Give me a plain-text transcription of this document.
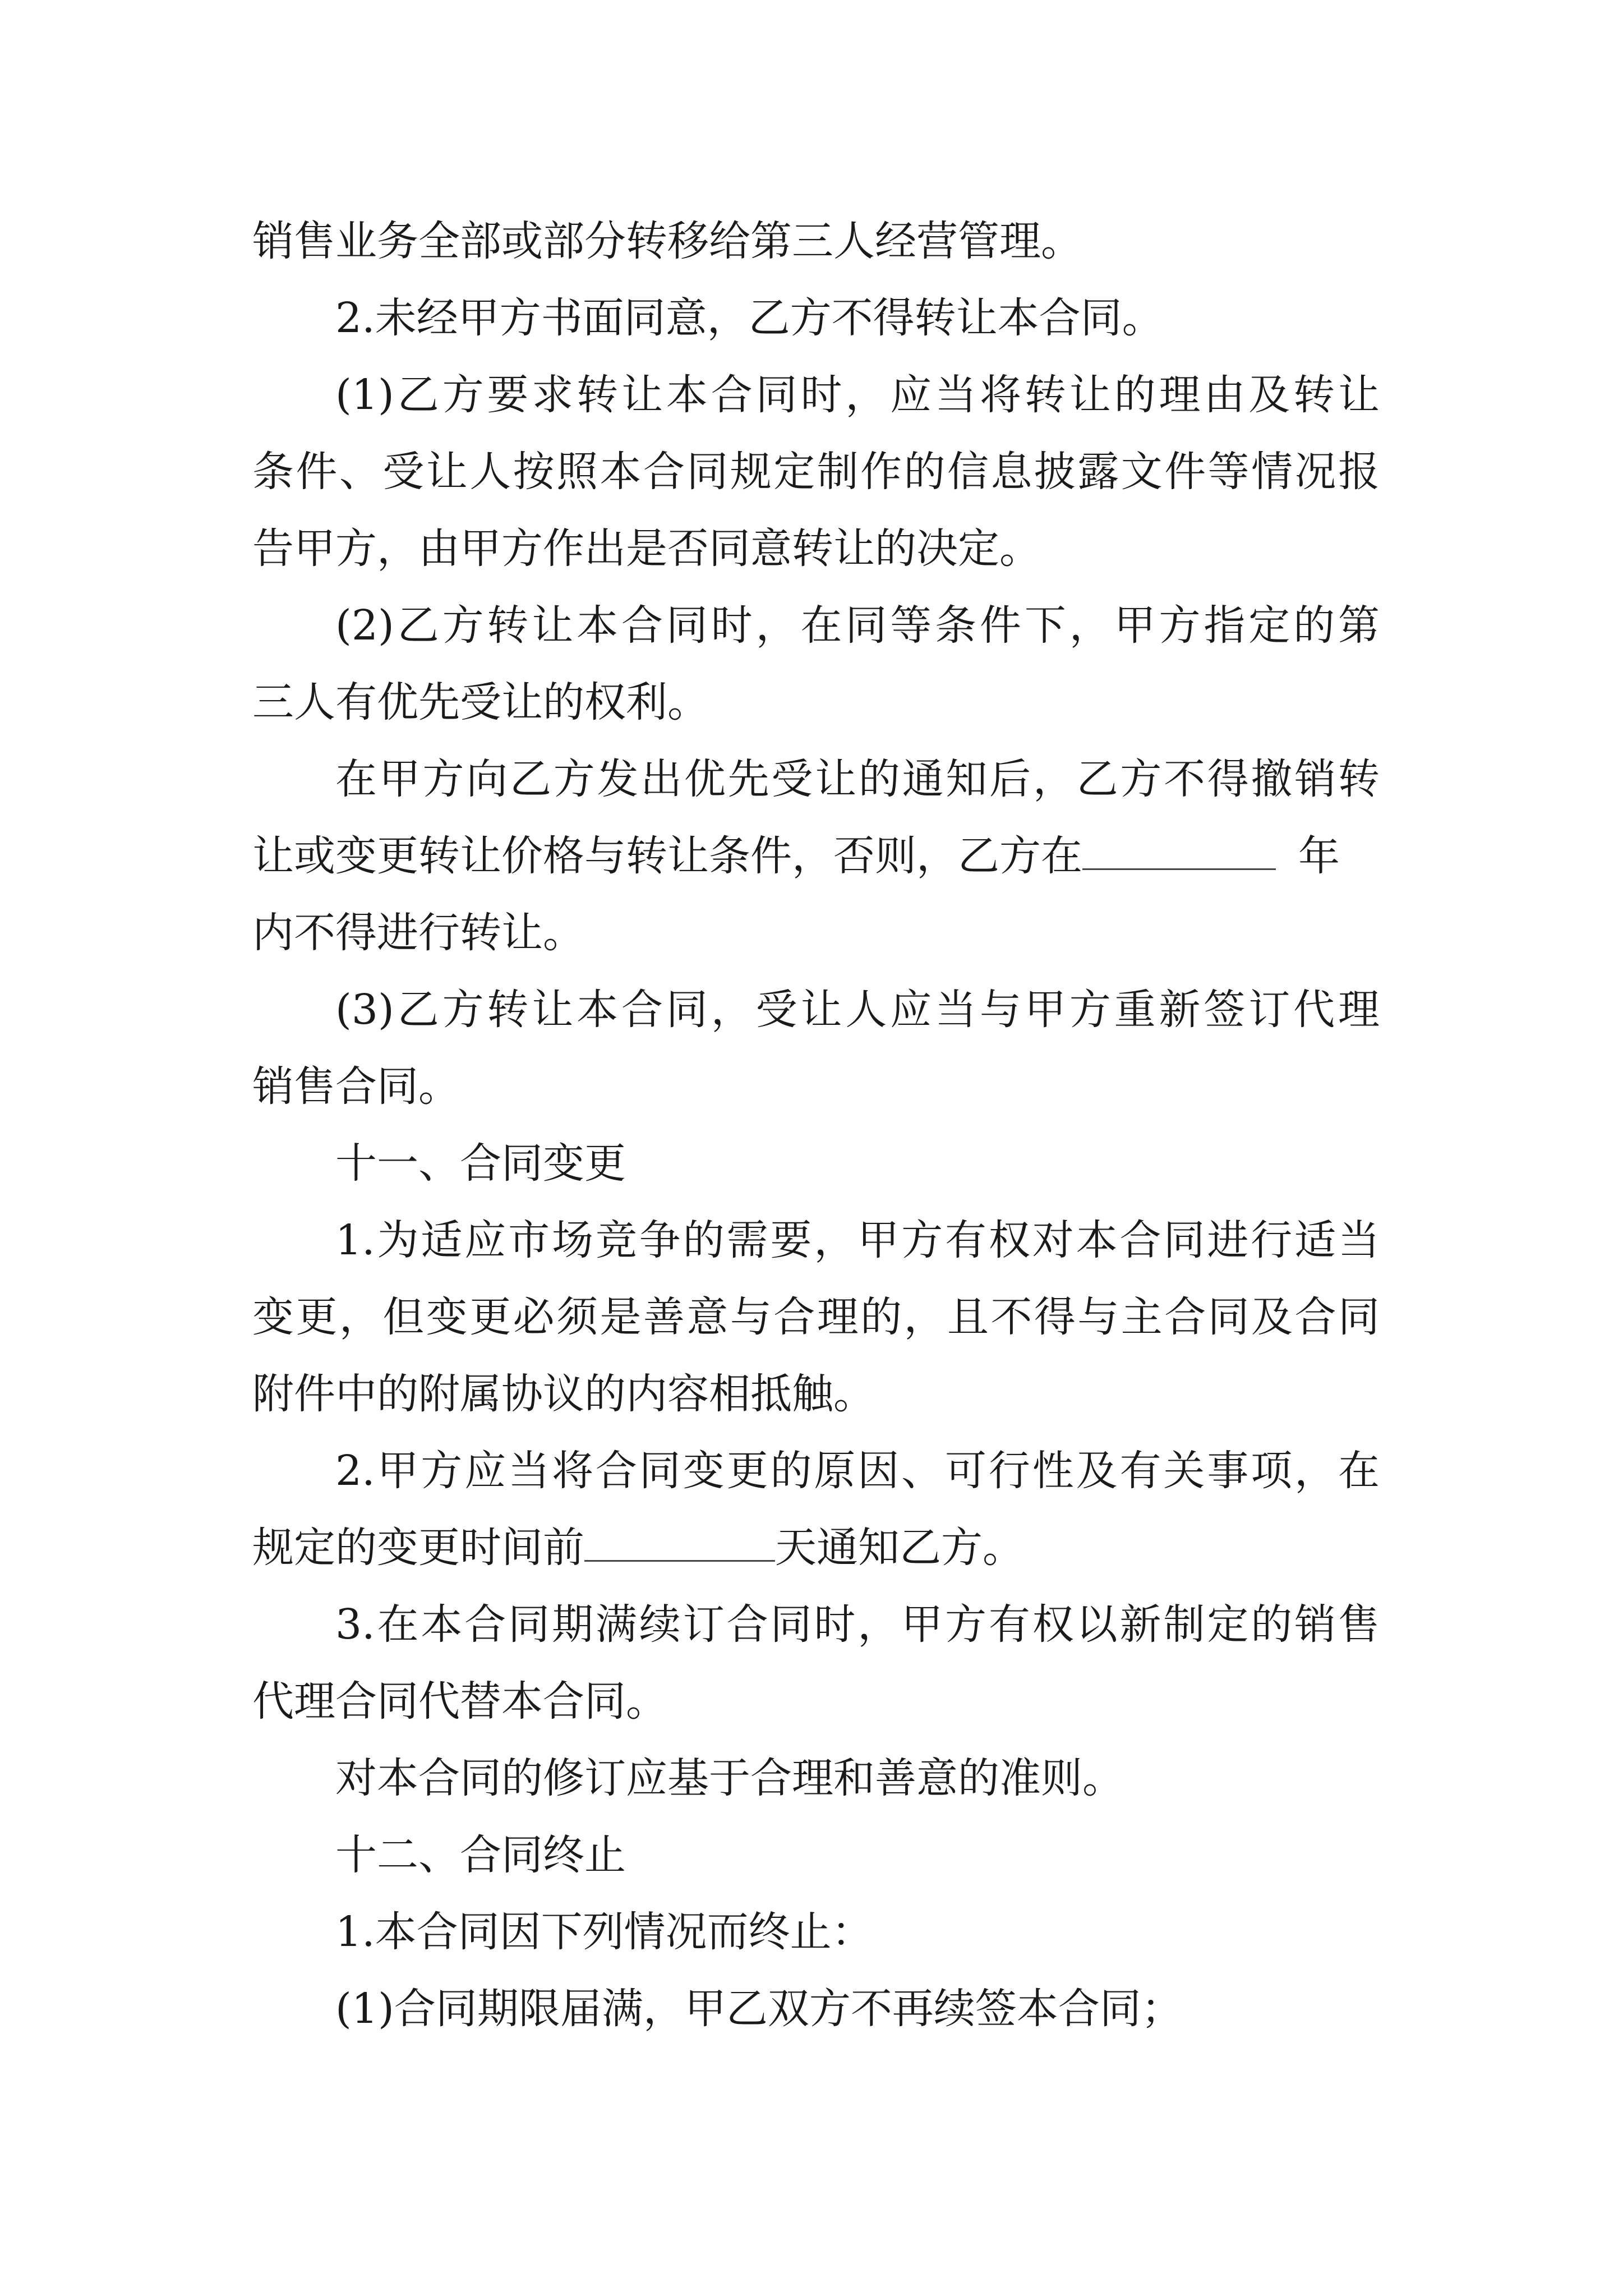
销售业务全部或部分转移给第三人经营管理。
2.未经甲方书面同意，乙方不得转让本合同。
(1)乙方要求转让本合同时，应当将转让的理由及转让
条件、受让人按照本合同规定制作的信息披露文件等情况报
告甲方，由甲方作出是否同意转让的决定。
(2)乙方转让本合同时，在同等条件下，甲方指定的第
三人有优先受让的权利。
在甲方向乙方发出优先受让的通知后，乙方不得撤销转
让或变更转让价格与转让条件，否则，乙方在	年
内不得进行转让。
(3)乙方转让本合同，受让人应当与甲方重新签订代理
销售合同。
十一、合同变更
1.为适应市场竞争的需要，甲方有权对本合同进行适当
变更，但变更必须是善意与合理的，且不得与主合同及合同
附件中的附属协议的内容相抵触。
2.甲方应当将合同变更的原因、可行性及有关事项，在
规定的变更时间前	天通知乙方。
3.在本合同期满续订合同时，甲方有权以新制定的销售
代理合同代替本合同。
对本合同的修订应基于合理和善意的准则。
十二、合同终止
1.本合同因下列情况而终止：
(1)合同期限届满，甲乙双方不再续签本合同；
